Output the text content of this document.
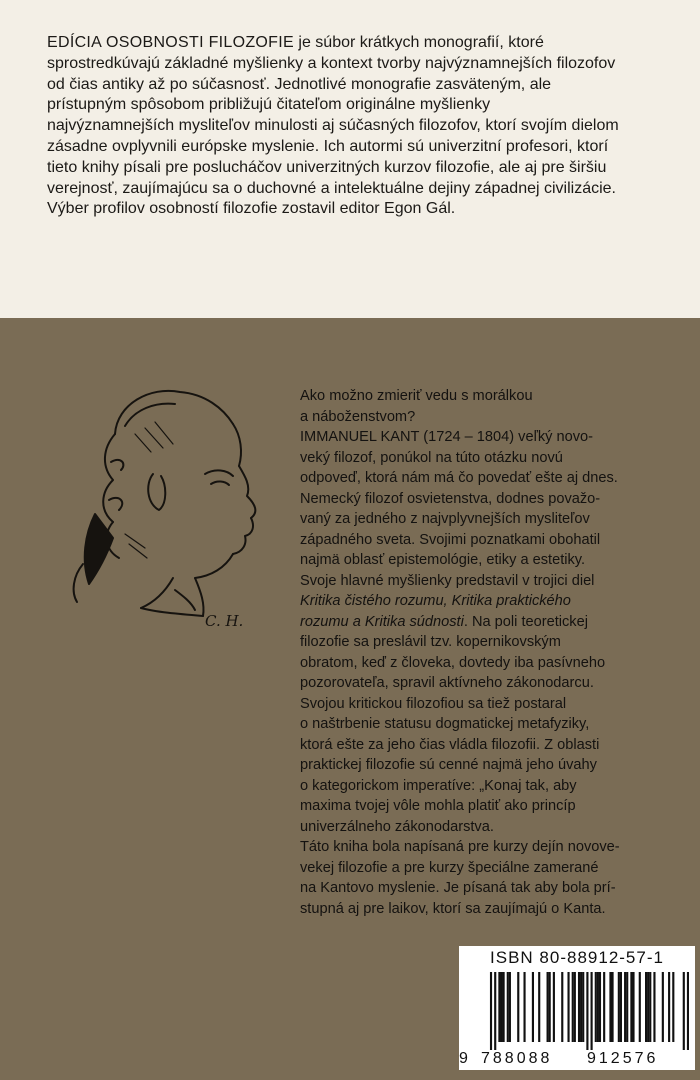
EDÍCIA OSOBNOSTI FILOZOFIE je súbor krátkych monografií, ktoré
sprostredkúvajú základné myšlienky a kontext tvorby najvýznamnejších filozofov
od čias antiky až po súčasnosť. Jednotlivé monografie zasväteným, ale
prístupným spôsobom približujú čitateľom originálne myšlienky
najvýznamnejších mysliteľov minulosti aj súčasných filozofov, ktorí svojím dielom
zásadne ovplyvnili európske myslenie. Ich autormi sú univerzitní profesori, ktorí
tieto knihy písali pre poslucháčov univerzitných kurzov filozofie, ale aj pre širšiu
verejnosť, zaujímajúcu sa o duchovné a intelektuálne dejiny západnej civilizácie.
Výber profilov osobností filozofie zostavil editor Egon Gál.
C. H.

Ako možno zmieriť vedu s morálkou

a náboženstvom?

IMMANUEL KANT (1724 – 1804) veľký novo-

veký filozof, ponúkol na túto otázku novú

odpoveď, ktorá nám má čo povedať ešte aj dnes.

Nemecký filozof osvietenstva, dodnes považo-

vaný za jedného z najvplyvnejších mysliteľov

západného sveta. Svojimi poznatkami obohatil

najmä oblasť epistemológie, etiky a estetiky.

Svoje hlavné myšlienky predstavil v trojici diel

Kritika čistého rozumu, Kritika praktického

rozumu a Kritika súdnosti. Na poli teoretickej

filozofie sa preslávil tzv. kopernikovským

obratom, keď z človeka, dovtedy iba pasívneho

pozorovateľa, spravil aktívneho zákonodarcu.

Svojou kritickou filozofiou sa tiež postaral

o naštrbenie statusu dogmatickej metafyziky,

ktorá ešte za jeho čias vládla filozofii. Z oblasti

praktickej filozofie sú cenné najmä jeho úvahy

o kategorickom imperatíve: „Konaj tak, aby

maxima tvojej vôle mohla platiť ako princíp

univerzálneho zákonodarstva.

Táto kniha bola napísaná pre kurzy dejín novove-

vekej filozofie a pre kurzy špeciálne zamerané

na Kantovo myslenie. Je písaná tak aby bola prí-

stupná aj pre laikov, ktorí sa zaujímajú o Kanta.

ISBN 80-88912-57-1
9 788088 912576
